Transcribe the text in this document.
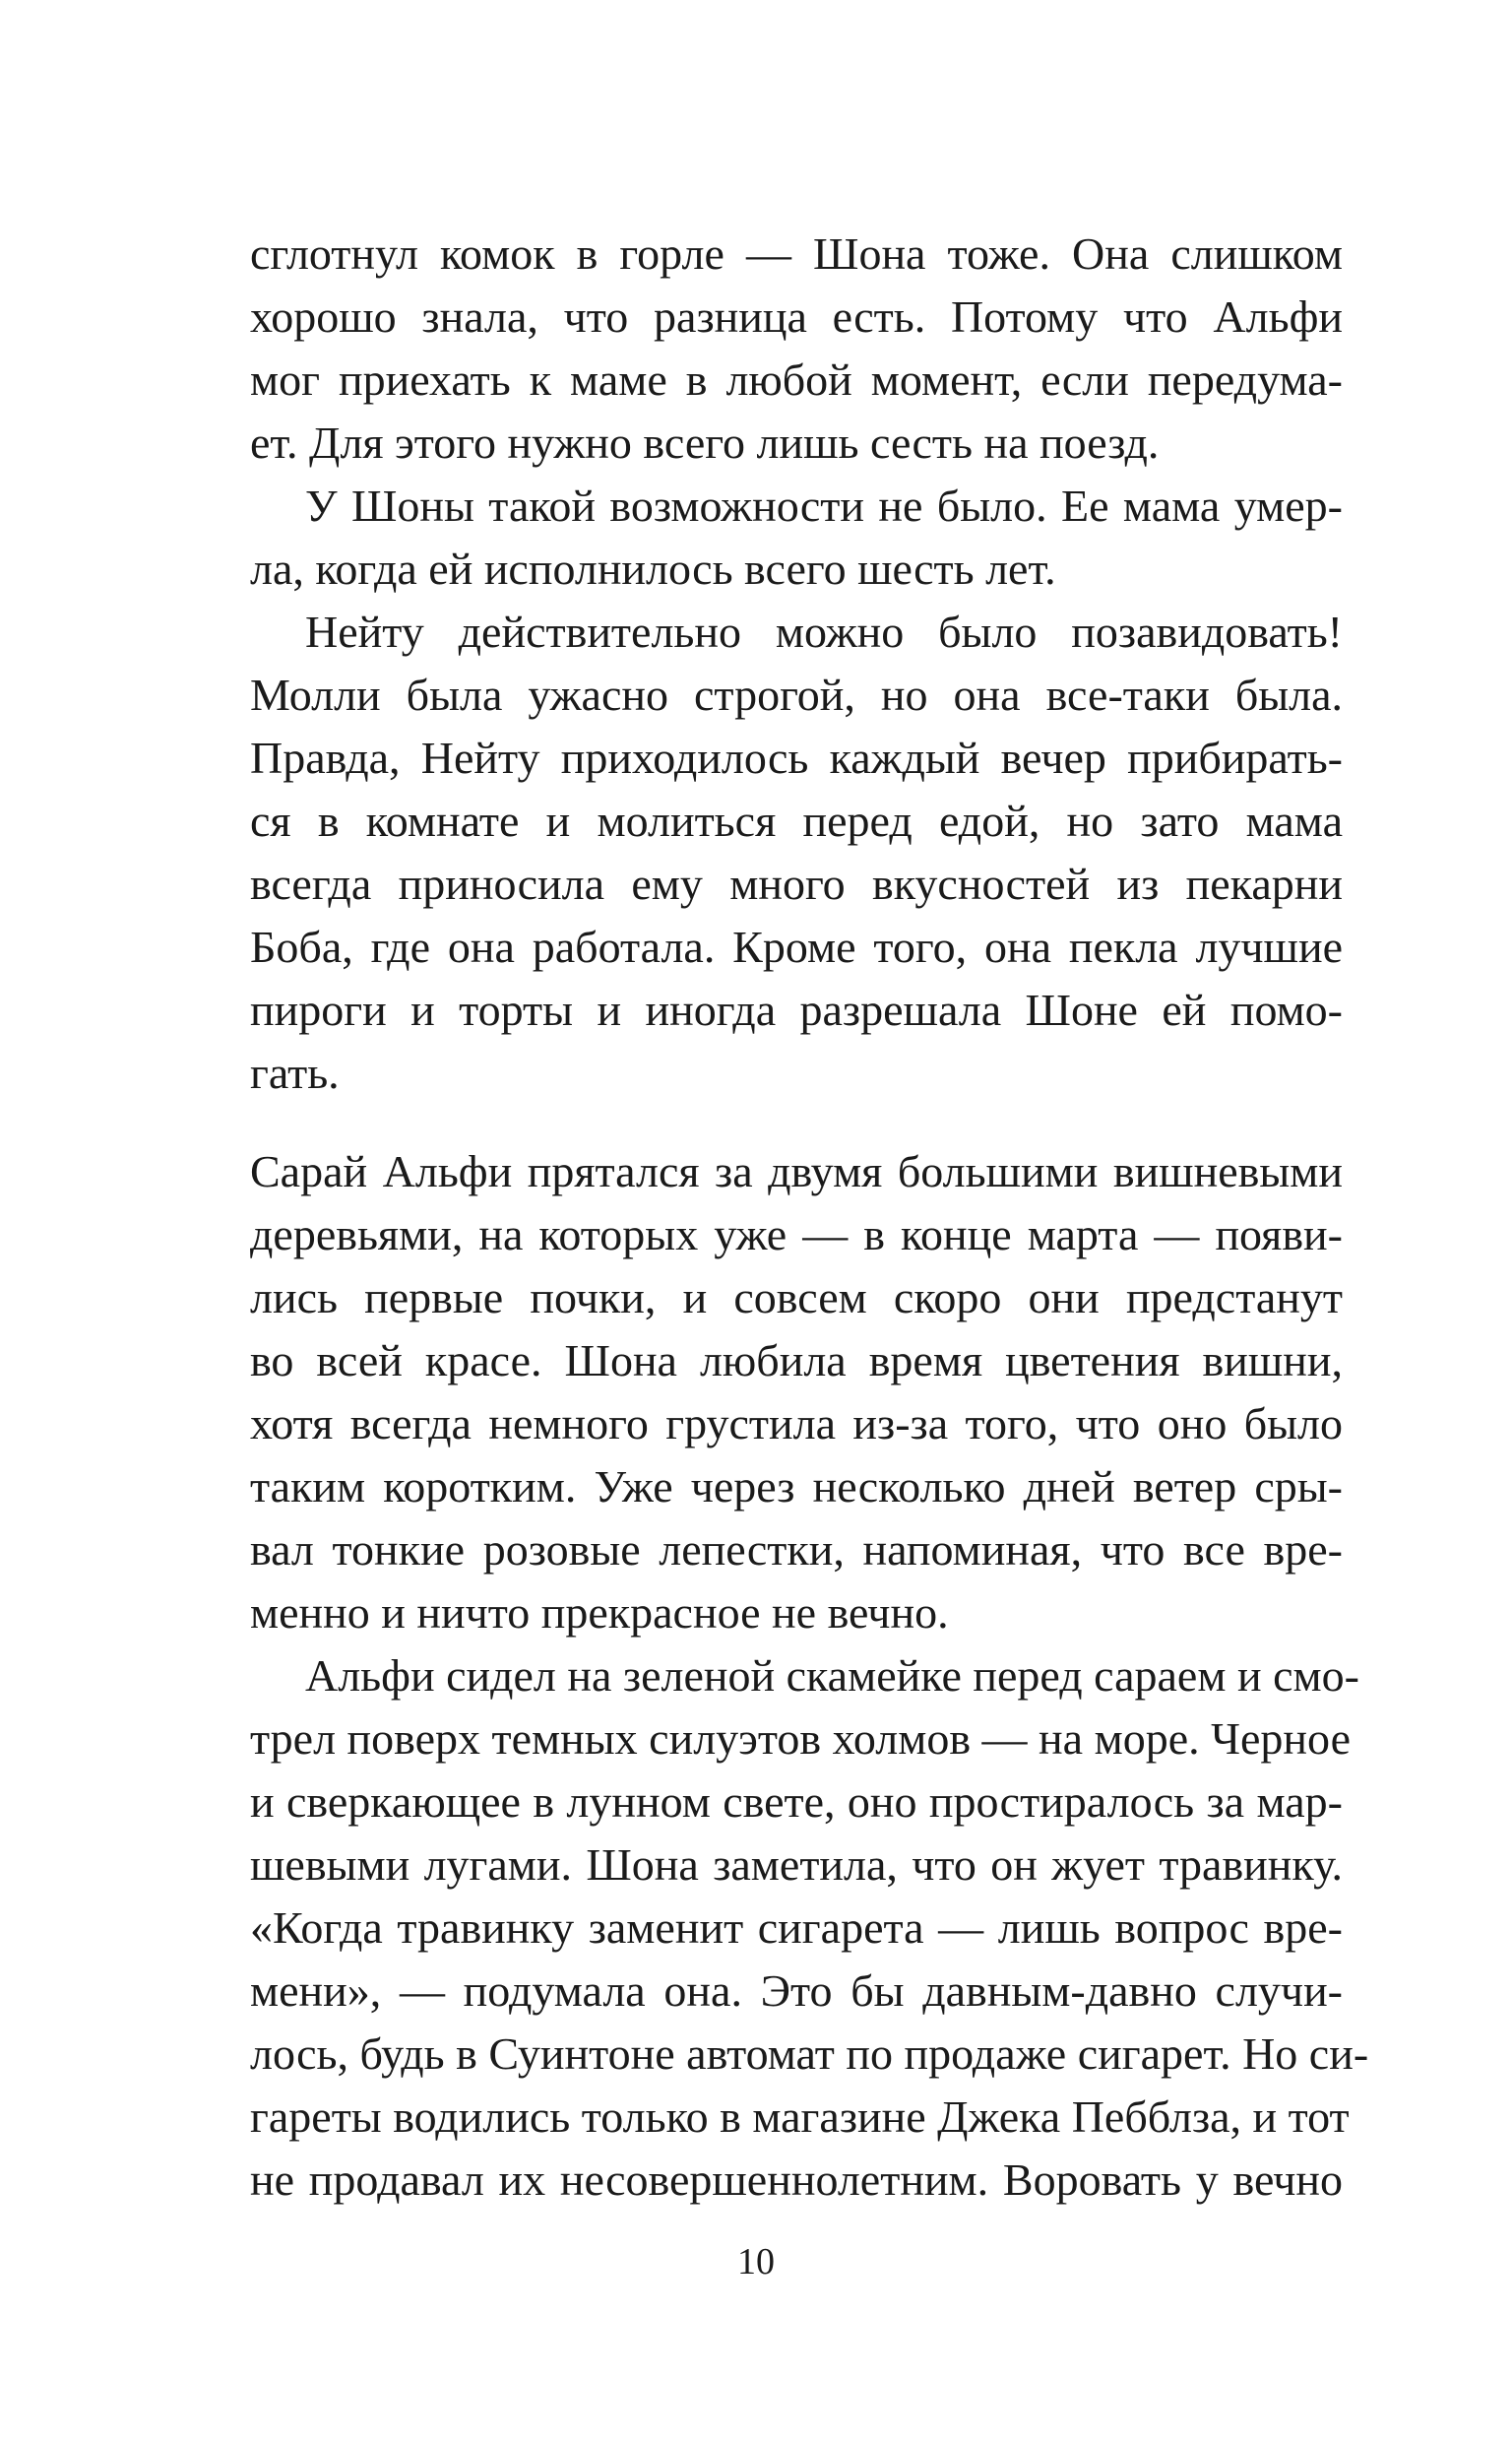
сглотнул комок в горле — Шона тоже. Она слишком
хорошо знала, что разница есть. Потому что Альфи
мог приехать к маме в любой момент, если передума-
ет. Для этого нужно всего лишь сесть на поезд.
У Шоны такой возможности не было. Ее мама умер-
ла, когда ей исполнилось всего шесть лет.
Нейту действительно можно было позавидовать!
Молли была ужасно строгой, но она все-таки была.
Правда, Нейту приходилось каждый вечер прибирать-
ся в комнате и молиться перед едой, но зато мама
всегда приносила ему много вкусностей из пекарни
Боба, где она работала. Кроме того, она пекла лучшие
пироги и торты и иногда разрешала Шоне ей помо-
гать.
Сарай Альфи прятался за двумя большими вишневыми
деревьями, на которых уже — в конце марта — появи-
лись первые почки, и совсем скоро они предстанут
во всей красе. Шона любила время цветения вишни,
хотя всегда немного грустила из-за того, что оно было
таким коротким. Уже через несколько дней ветер сры-
вал тонкие розовые лепестки, напоминая, что все вре-
менно и ничто прекрасное не вечно.
Альфи сидел на зеленой скамейке перед сараем и смо-
трел поверх темных силуэтов холмов — на море. Черное
и сверкающее в лунном свете, оно простиралось за мар-
шевыми лугами. Шона заметила, что он жует травинку.
«Когда травинку заменит сигарета — лишь вопрос вре-
мени», — подумала она. Это бы давным-давно случи-
лось, будь в Суинтоне автомат по продаже сигарет. Но си-
гареты водились только в магазине Джека Пебблза, и тот
не продавал их несовершеннолетним. Воровать у вечно
10
